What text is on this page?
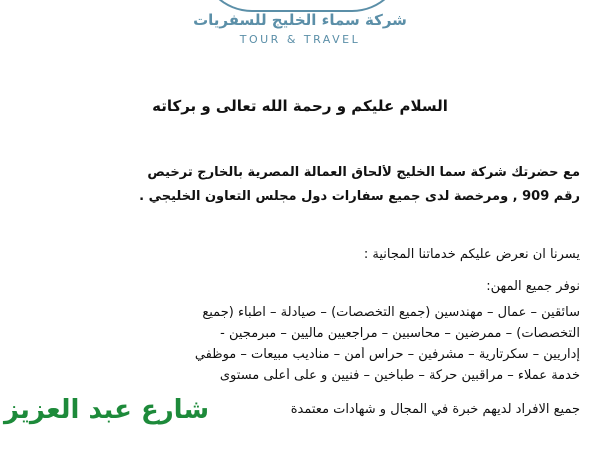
شركة سماء الخليج للسفريات
TOUR & TRAVEL
السلام عليكم و رحمة الله تعالى و بركاته
مع حضرتك شركة سما الخليج لألحاق العمالة المصرية بالخارج ترخيص
رقم 909 , ومرخصة لدى جميع سفارات دول مجلس التعاون الخليجي .
يسرنا ان نعرض عليكم خدماتنا المجانية :
نوفر جميع المهن:
سائقين – عمال – مهندسين (جميع التخصصات) – صيادلة – اطباء (جميع
التخصصات) – ممرضين – محاسبين – مراجعيين ماليين – مبرمجين -
إداريين – سكرتارية – مشرفين – حراس أمن – مناديب مبيعات – موظفي
خدمة عملاء – مراقبين حركة – طباخين – فنيين و على أعلى مستوى
جميع الافراد لديهم خبرة في المجال و شهادات معتمدة
شارع عبد العزيز
